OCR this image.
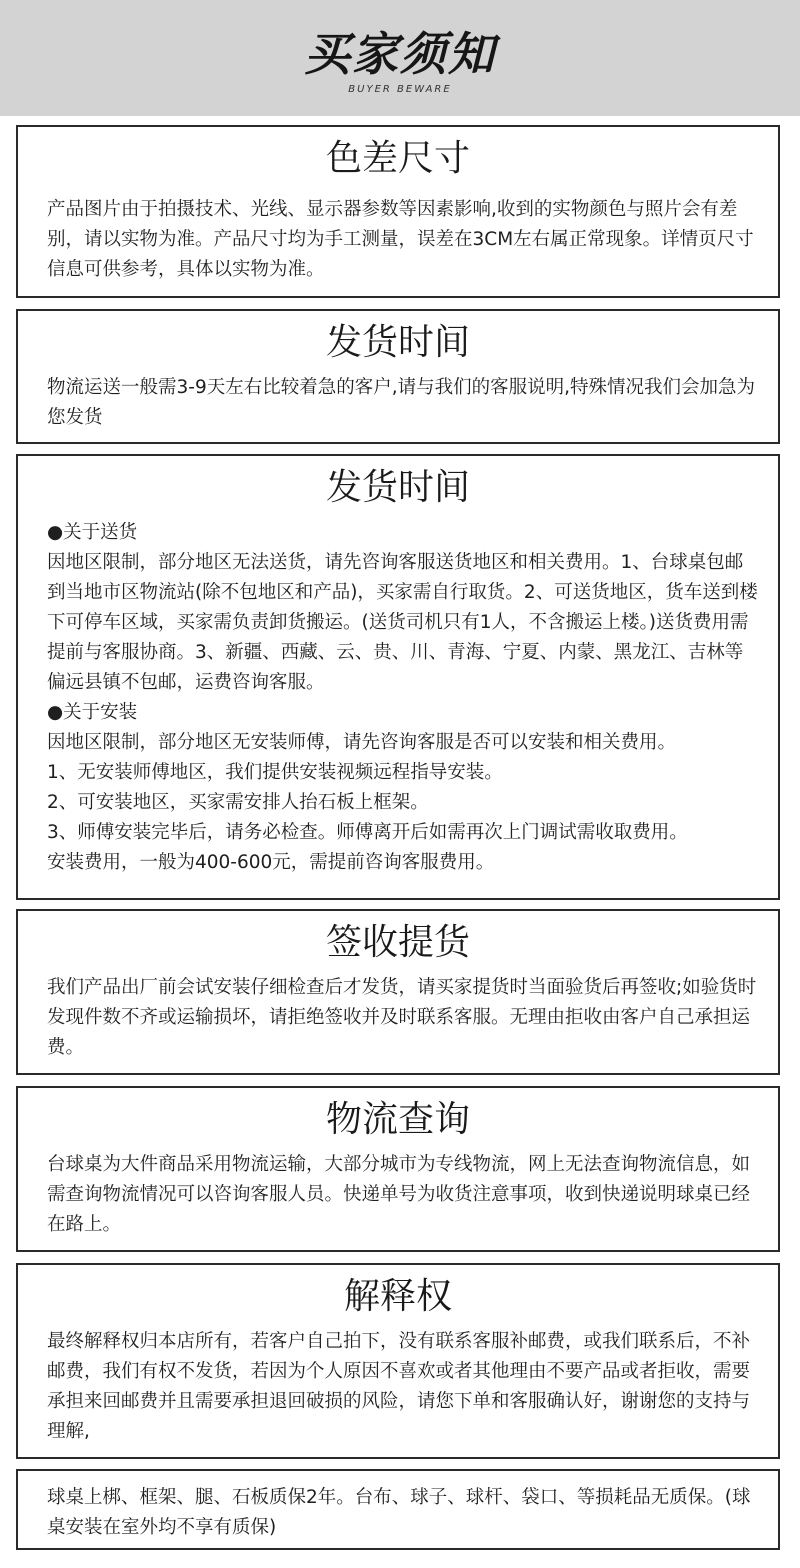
买家须知
BUYER BEWARE
色差尺寸
产品图片由于拍摄技术、光线、显示器参数等因素影响,收到的实物颜色与照片会有差别，请以实物为准。产品尺寸均为手工测量，误差在3CM左右属正常现象。详情页尺寸信息可供参考，具体以实物为准。
发货时间
物流运送一般需3-9天左右比较着急的客户,请与我们的客服说明,特殊情况我们会加急为您发货
发货时间
●关于送货
因地区限制，部分地区无法送货，请先咨询客服送货地区和相关费用。1、台球桌包邮到当地市区物流站(除不包地区和产品)，买家需自行取货。2、可送货地区，货车送到楼下可停车区域，买家需负责卸货搬运。(送货司机只有1人，不含搬运上楼。)送货费用需提前与客服协商。3、新疆、西藏、云、贵、川、青海、宁夏、内蒙、黑龙江、吉林等偏远县镇不包邮，运费咨询客服。
●关于安装
因地区限制，部分地区无安装师傅，请先咨询客服是否可以安装和相关费用。
1、无安装师傅地区，我们提供安装视频远程指导安装。
2、可安装地区，买家需安排人抬石板上框架。
3、师傅安装完毕后，请务必检查。师傅离开后如需再次上门调试需收取费用。
安装费用，一般为400-600元，需提前咨询客服费用。
签收提货
我们产品出厂前会试安装仔细检查后才发货，请买家提货时当面验货后再签收;如验货时发现件数不齐或运输损坏，请拒绝签收并及时联系客服。无理由拒收由客户自己承担运费。
物流查询
台球桌为大件商品采用物流运输，大部分城市为专线物流，网上无法查询物流信息，如需查询物流情况可以咨询客服人员。快递单号为收货注意事项，收到快递说明球桌已经在路上。
解释权
最终解释权归本店所有，若客户自己拍下，没有联系客服补邮费，或我们联系后，不补邮费，我们有权不发货，若因为个人原因不喜欢或者其他理由不要产品或者拒收，需要承担来回邮费并且需要承担退回破损的风险，请您下单和客服确认好，谢谢您的支持与理解,
球桌上梆、框架、腿、石板质保2年。台布、球子、球杆、袋口、等损耗品无质保。(球桌安装在室外均不享有质保)
